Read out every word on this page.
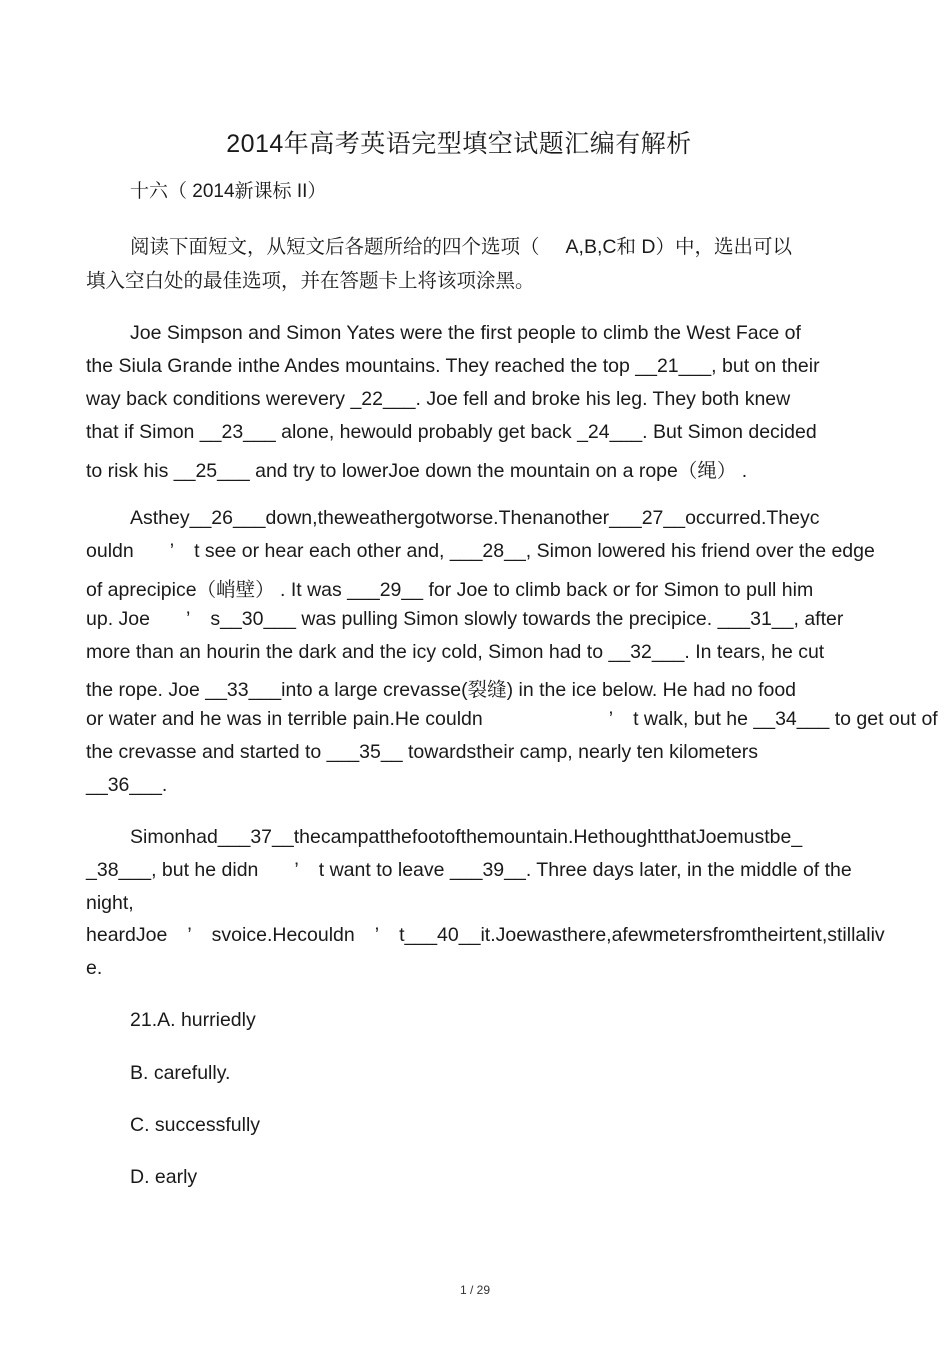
2014年高考英语完型填空试题汇编有解析
十六（ 2014新课标 II）
阅读下面短文，从短文后各题所给的四个选项（ A,B,C和 D）中，选出可以
填入空白处的最佳选项，并在答题卡上将该项涂黑。
Joe Simpson and Simon Yates were the first people to climb the West Face of
the Siula Grande inthe Andes mountains. They reached the top __21___, but on their
way back conditions werevery _22___. Joe fell and broke his leg. They both knew
that if Simon __23___ alone, hewould probably get back _24___. But Simon decided
to risk his __25___ and try to lowerJoe down the mountain on a rope（绳） .
Asthey__26___down,theweathergotworse.Thenanother___27__occurred.Theyc
ouldn ’ t see or hear each other and, ___28__, Simon lowered his friend over the edge
of aprecipice（峭壁） . It was ___29__ for Joe to climb back or for Simon to pull him
up. Joe ’ s__30___ was pulling Simon slowly towards the precipice. ___31__, after
more than an hourin the dark and the icy cold, Simon had to __32___. In tears, he cut
the rope. Joe __33___into a large crevasse(裂缝) in the ice below. He had no food
or water and he was in terrible pain.He couldn	’ t walk, but he __34___ to get out of
the crevasse and started to ___35__ towardstheir camp, nearly ten kilometers
__36___.
Simonhad___37__thecampatthefootofthemountain.HethoughtthatJoemustbe_
_38___, but he didn ’ t want to leave ___39__. Three days later, in the middle of the
night,
heardJoe ’ svoice.Hecouldn ’ t___40__it.Joewasthere,afewmetersfromtheirtent,stillaliv
e.
21.A. hurriedly
B. carefully.
C. successfully
D. early
1 / 29
